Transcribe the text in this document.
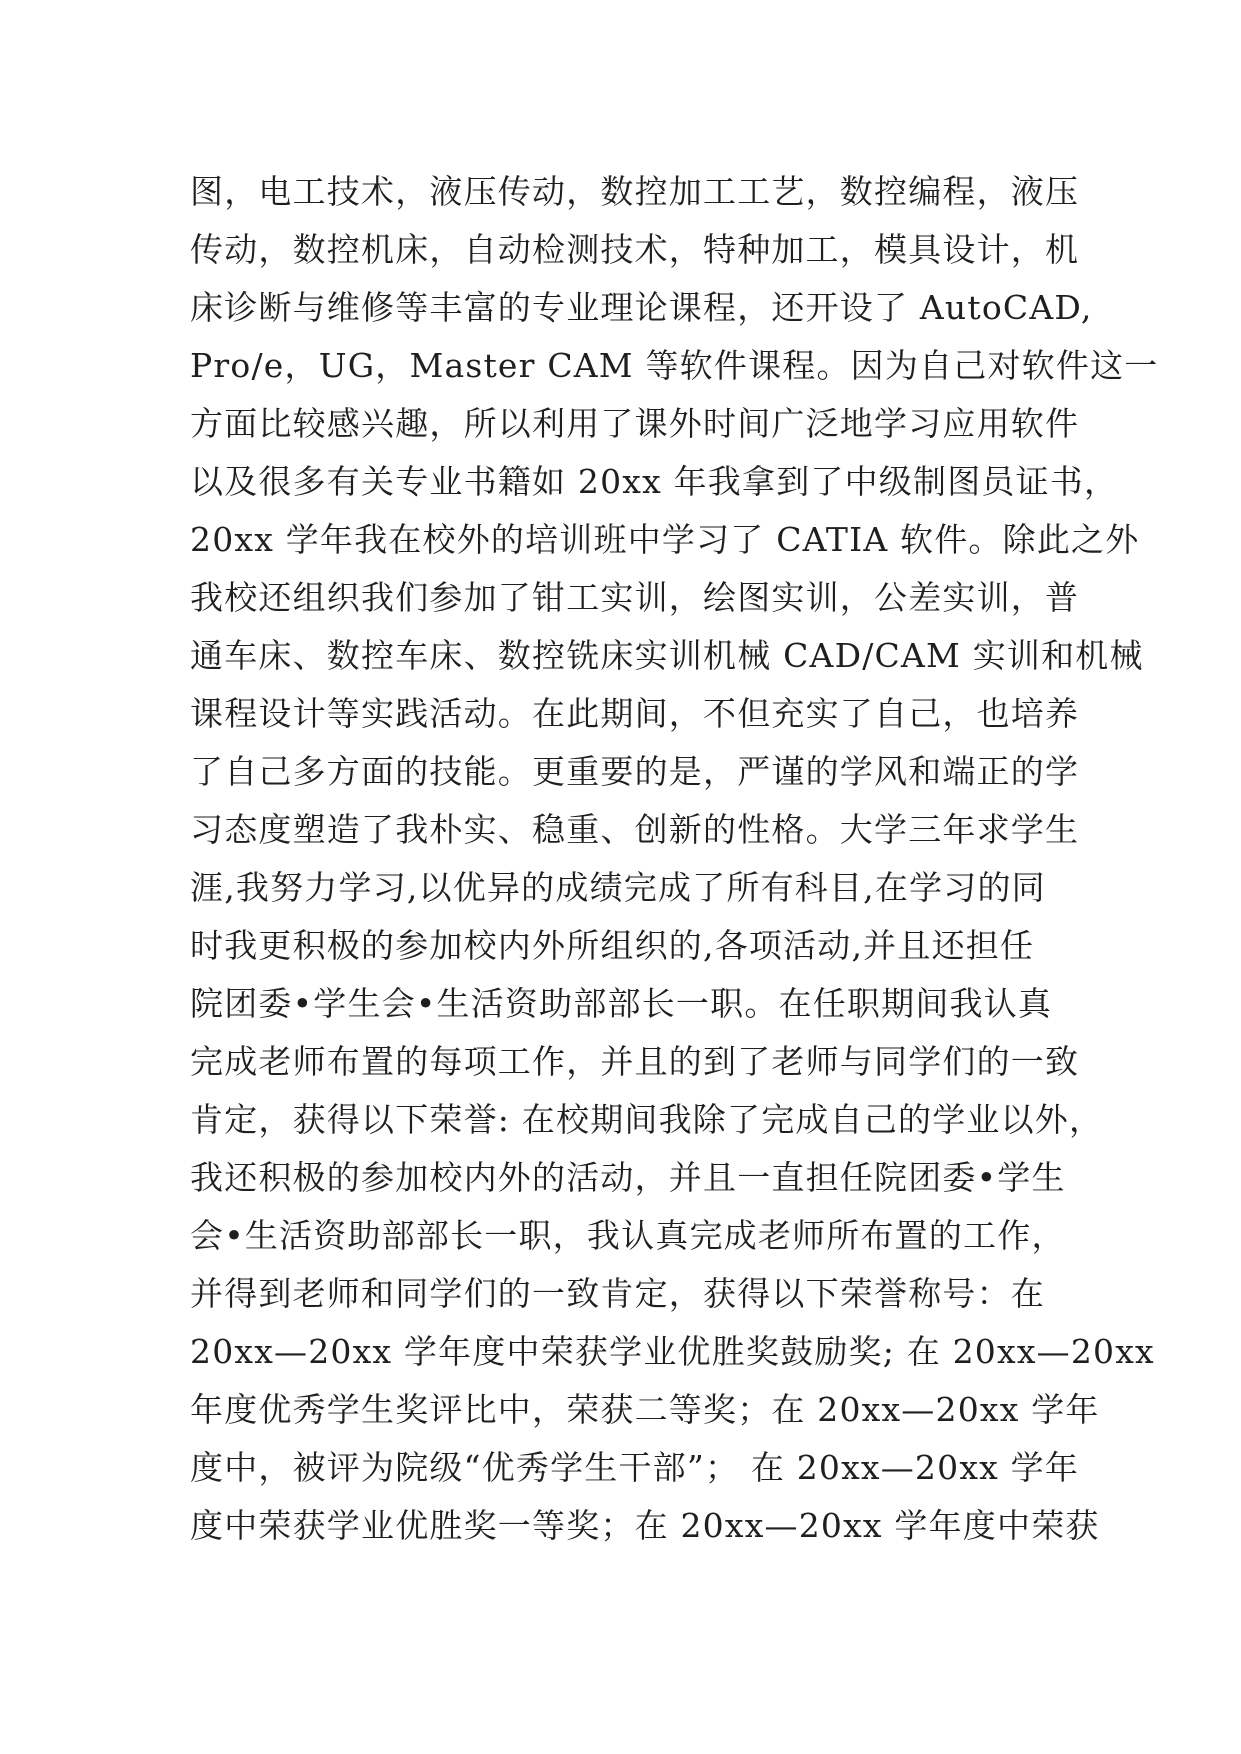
图，电工技术，液压传动，数控加工工艺，数控编程，液压
传动，数控机床，自动检测技术，特种加工，模具设计，机
床诊断与维修等丰富的专业理论课程，还开设了 AutoCAD,
Pro/e，UG，Master CAM 等软件课程。因为自己对软件这一
方面比较感兴趣，所以利用了课外时间广泛地学习应用软件
以及很多有关专业书籍如 20xx 年我拿到了中级制图员证书，
20xx 学年我在校外的培训班中学习了 CATIA 软件。除此之外
我校还组织我们参加了钳工实训，绘图实训，公差实训，普
通车床、数控车床、数控铣床实训机械 CAD/CAM 实训和机械
课程设计等实践活动。在此期间，不但充实了自己，也培养
了自己多方面的技能。更重要的是，严谨的学风和端正的学
习态度塑造了我朴实、稳重、创新的性格。大学三年求学生
涯,我努力学习,以优异的成绩完成了所有科目,在学习的同
时我更积极的参加校内外所组织的,各项活动,并且还担任
院团委•学生会•生活资助部部长一职。在任职期间我认真
完成老师布置的每项工作，并且的到了老师与同学们的一致
肯定，获得以下荣誉: 在校期间我除了完成自己的学业以外，
我还积极的参加校内外的活动，并且一直担任院团委•学生
会•生活资助部部长一职，我认真完成老师所布置的工作，
并得到老师和同学们的一致肯定，获得以下荣誉称号：在
20xx—20xx 学年度中荣获学业优胜奖鼓励奖; 在 20xx—20xx
年度优秀学生奖评比中，荣获二等奖；在 20xx—20xx 学年
度中，被评为院级“优秀学生干部”； 在 20xx—20xx 学年
度中荣获学业优胜奖一等奖；在 20xx—20xx 学年度中荣获
